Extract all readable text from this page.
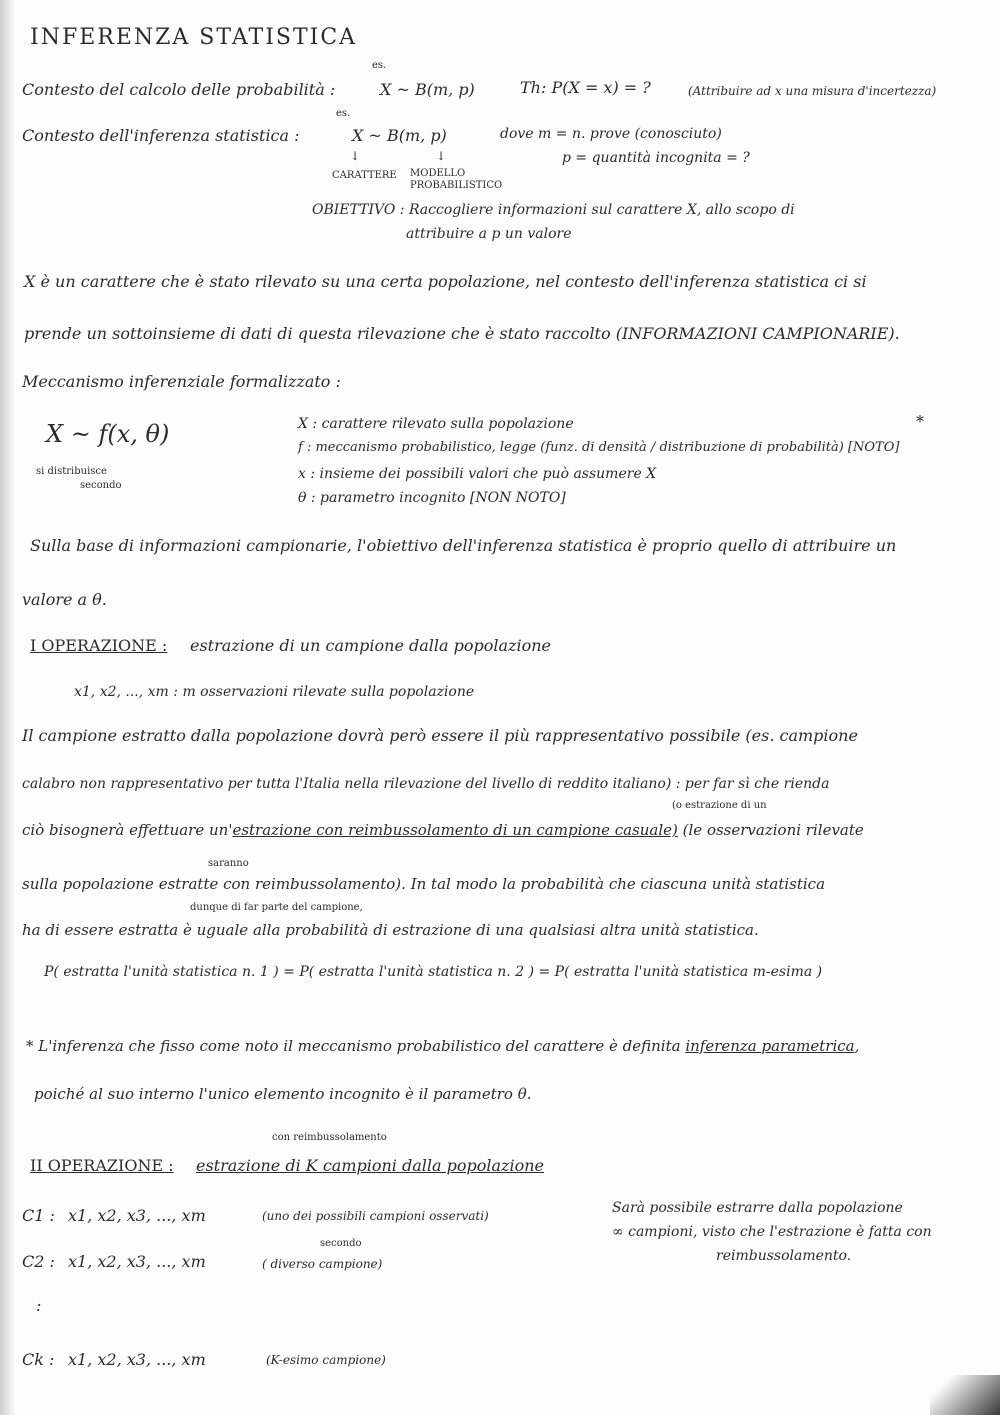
INFERENZA STATISTICA
es.
Contesto del calcolo delle probabilità :	X ~ B(m, p)	Th: P(X = x) = ?	(Attribuire ad x una misura d'incertezza)
es.
Contesto dell'inferenza statistica :	X ~ B(m, p)
↓	↓
CARATTERE MODELLO PROBABILISTICO
dove m = n. prove (conosciuto)
p = quantità incognita = ?
OBIETTIVO : Raccogliere informazioni sul carattere X, allo scopo di
attribuire a p un valore
X è un carattere che è stato rilevato su una certa popolazione, nel contesto dell'inferenza statistica ci si
prende un sottoinsieme di dati di questa rilevazione che è stato raccolto (INFORMAZIONI CAMPIONARIE).
Meccanismo inferenziale formalizzato :
X ~ f(x, θ)
si distribuisce
secondo
*
X : carattere rilevato sulla popolazione
f : meccanismo probabilistico, legge (funz. di densità / distribuzione di probabilità) [NOTO]
x : insieme dei possibili valori che può assumere X
θ : parametro incognito [NON NOTO]
Sulla base di informazioni campionarie, l'obiettivo dell'inferenza statistica è proprio quello di attribuire un
valore a θ.
I OPERAZIONE : estrazione di un campione dalla popolazione
x1, x2, ..., xm : m osservazioni rilevate sulla popolazione
Il campione estratto dalla popolazione dovrà però essere il più rappresentativo possibile (es. campione
calabro non rappresentativo per tutta l'Italia nella rilevazione del livello di reddito italiano) : per far sì che rienda
(o estrazione di un
ciò bisognerà effettuare un'estrazione con reimbussolamento di un campione casuale) (le osservazioni rilevate
saranno
sulla popolazione estratte con reimbussolamento). In tal modo la probabilità che ciascuna unità statistica
dunque di far parte del campione,
ha di essere estratta è uguale alla probabilità di estrazione di una qualsiasi altra unità statistica.
P( estratta l'unità statistica n. 1 ) = P( estratta l'unità statistica n. 2 ) = P( estratta l'unità statistica m-esima )
* L'inferenza che fisso come noto il meccanismo probabilistico del carattere è definita inferenza parametrica,
poiché al suo interno l'unico elemento incognito è il parametro θ.
con reimbussolamento
II OPERAZIONE : estrazione di K campioni dalla popolazione
C1 : x1, x2, x3, ..., xm	(uno dei possibili campioni osservati)
secondo
C2 : x1, x2, x3, ..., xm	( diverso campione)
:
Ck : x1, x2, x3, ..., xm	(K-esimo campione)
Sarà possibile estrarre dalla popolazione
∞ campioni, visto che l'estrazione è fatta con
reimbussolamento.
